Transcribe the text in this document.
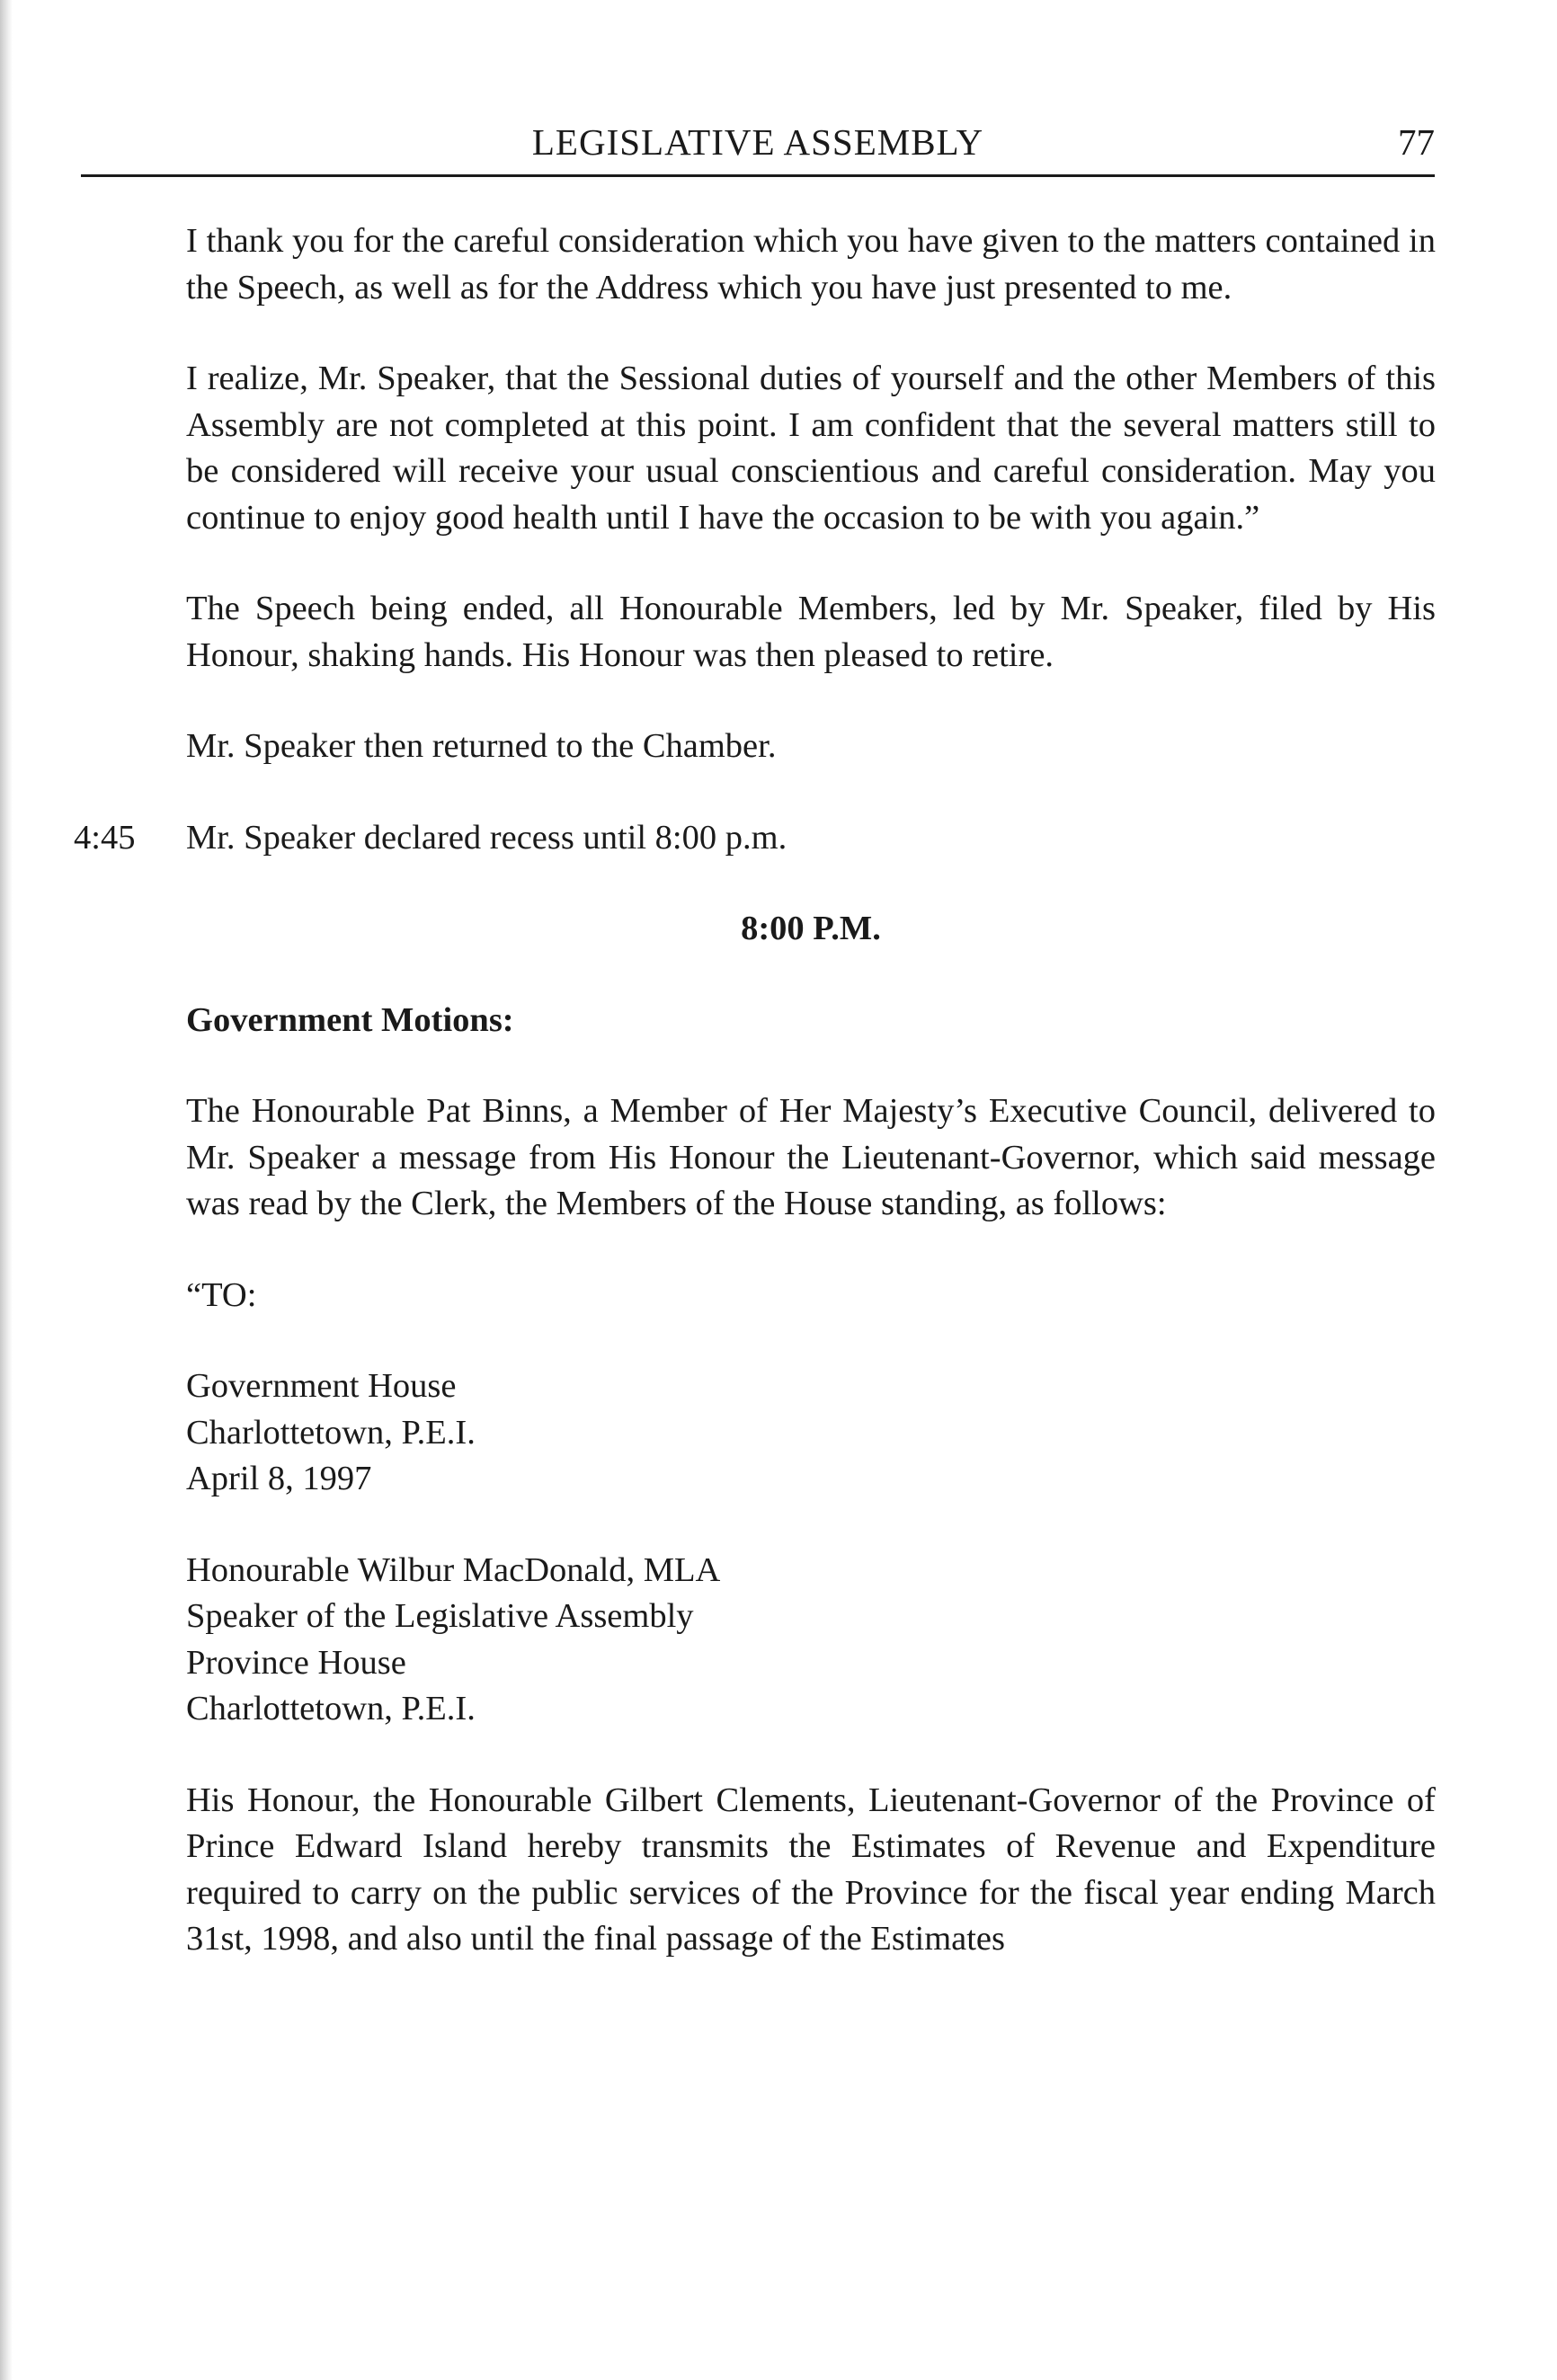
LEGISLATIVE ASSEMBLY	77

I thank you for the careful consideration which you have given to the matters contained in the Speech, as well as for the Address which you have just presented to me.

I realize, Mr. Speaker, that the Sessional duties of yourself and the other Members of this Assembly are not completed at this point. I am confident that the several matters still to be considered will receive your usual conscientious and careful consideration. May you continue to enjoy good health until I have the occasion to be with you again.”

The Speech being ended, all Honourable Members, led by Mr. Speaker, filed by His Honour, shaking hands. His Honour was then pleased to retire.

Mr. Speaker then returned to the Chamber.

4:45 Mr. Speaker declared recess until 8:00 p.m.

8:00 P.M.

Government Motions:

The Honourable Pat Binns, a Member of Her Majesty’s Executive Council, delivered to Mr. Speaker a message from His Honour the Lieutenant-Governor, which said message was read by the Clerk, the Members of the House standing, as follows:

“TO:

Government House
Charlottetown, P.E.I.
April 8, 1997
Honourable Wilbur MacDonald, MLA
Speaker of the Legislative Assembly
Province House
Charlottetown, P.E.I.

His Honour, the Honourable Gilbert Clements, Lieutenant-Governor of the Province of Prince Edward Island hereby transmits the Estimates of Revenue and Expenditure required to carry on the public services of the Province for the fiscal year ending March 31st, 1998, and also until the final passage of the Estimates
